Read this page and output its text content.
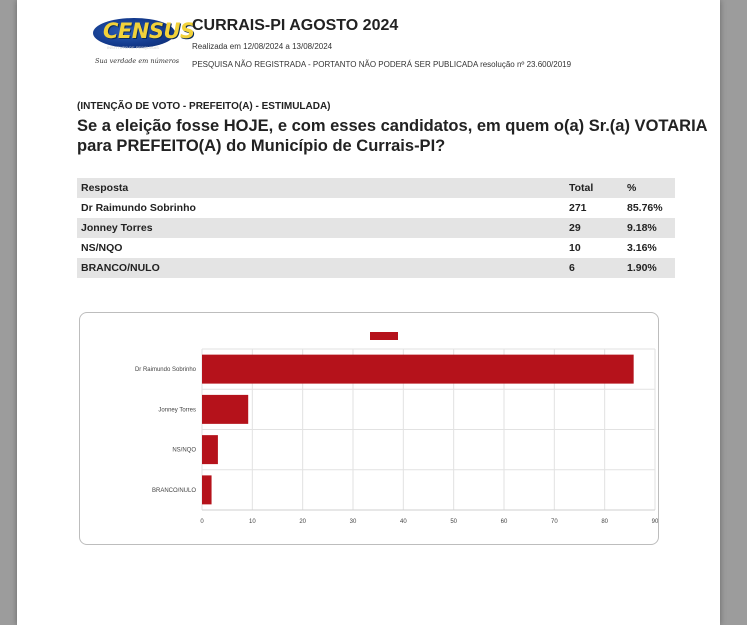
CENSUS
INSTITUTO DE PESQUISAS
Sua verdade em números
CURRAIS-PI AGOSTO 2024
Realizada em 12/08/2024 a 13/08/2024
PESQUISA NÃO REGISTRADA - PORTANTO NÃO PODERÁ SER PUBLICADA resolução nº 23.600/2019
(INTENÇÃO DE VOTO - PREFEITO(A) - ESTIMULADA)
Se a eleição fosse HOJE, e com esses candidatos, em quem o(a) Sr.(a) VOTARIA para PREFEITO(A) do Município de Currais-PI?
Resposta	Total	%
Dr Raimundo Sobrinho	271	85.76%
Jonney Torres	29	9.18%
NS/NQO	10	3.16%
BRANCO/NULO	6	1.90%
0	10	20	30	40	50	60	70	80	90
Dr Raimundo Sobrinho
Jonney Torres
NS/NQO
BRANCO/NULO
